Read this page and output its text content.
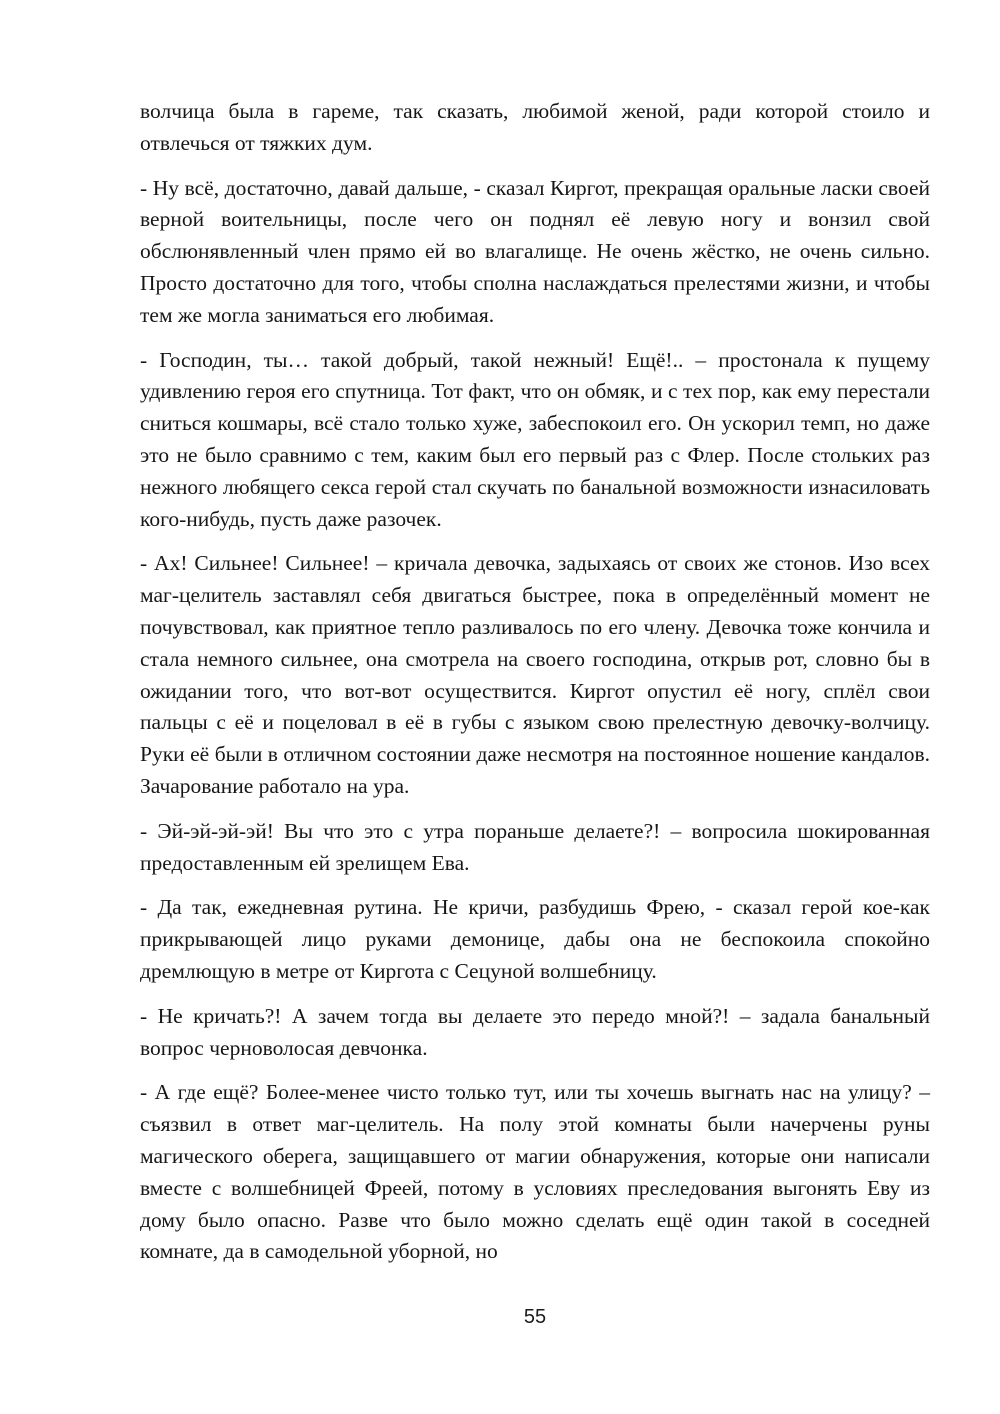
волчица была в гареме, так сказать, любимой женой, ради которой стоило и отвлечься от тяжких дум.

- Ну всё, достаточно, давай дальше, - сказал Киргот, прекращая оральные ласки своей верной воительницы, после чего он поднял её левую ногу и вонзил свой обслюнявленный член прямо ей во влагалище. Не очень жёстко, не очень сильно. Просто достаточно для того, чтобы сполна наслаждаться прелестями жизни, и чтобы тем же могла заниматься его любимая.

- Господин, ты… такой добрый, такой нежный! Ещё!.. – простонала к пущему удивлению героя его спутница. Тот факт, что он обмяк, и с тех пор, как ему перестали сниться кошмары, всё стало только хуже, забеспокоил его. Он ускорил темп, но даже это не было сравнимо с тем, каким был его первый раз с Флер. После стольких раз нежного любящего секса герой стал скучать по банальной возможности изнасиловать кого-нибудь, пусть даже разочек.

- Ах! Сильнее! Сильнее! – кричала девочка, задыхаясь от своих же стонов. Изо всех маг-целитель заставлял себя двигаться быстрее, пока в определённый момент не почувствовал, как приятное тепло разливалось по его члену. Девочка тоже кончила и стала немного сильнее, она смотрела на своего господина, открыв рот, словно бы в ожидании того, что вот-вот осуществится. Киргот опустил её ногу, сплёл свои пальцы с её и поцеловал в её в губы с языком свою прелестную девочку-волчицу. Руки её были в отличном состоянии даже несмотря на постоянное ношение кандалов. Зачарование работало на ура.

- Эй-эй-эй-эй! Вы что это с утра пораньше делаете?! – вопросила шокированная предоставленным ей зрелищем Ева.

- Да так, ежедневная рутина. Не кричи, разбудишь Фрею, - сказал герой кое-как прикрывающей лицо руками демонице, дабы она не беспокоила спокойно дремлющую в метре от Киргота с Сецуной волшебницу.

- Не кричать?! А зачем тогда вы делаете это передо мной?! – задала банальный вопрос черноволосая девчонка.

- А где ещё? Более-менее чисто только тут, или ты хочешь выгнать нас на улицу? – съязвил в ответ маг-целитель. На полу этой комнаты были начерчены руны магического оберега, защищавшего от магии обнаружения, которые они написали вместе с волшебницей Фреей, потому в условиях преследования выгонять Еву из дому было опасно. Разве что было можно сделать ещё один такой в соседней комнате, да в самодельной уборной, но

55
